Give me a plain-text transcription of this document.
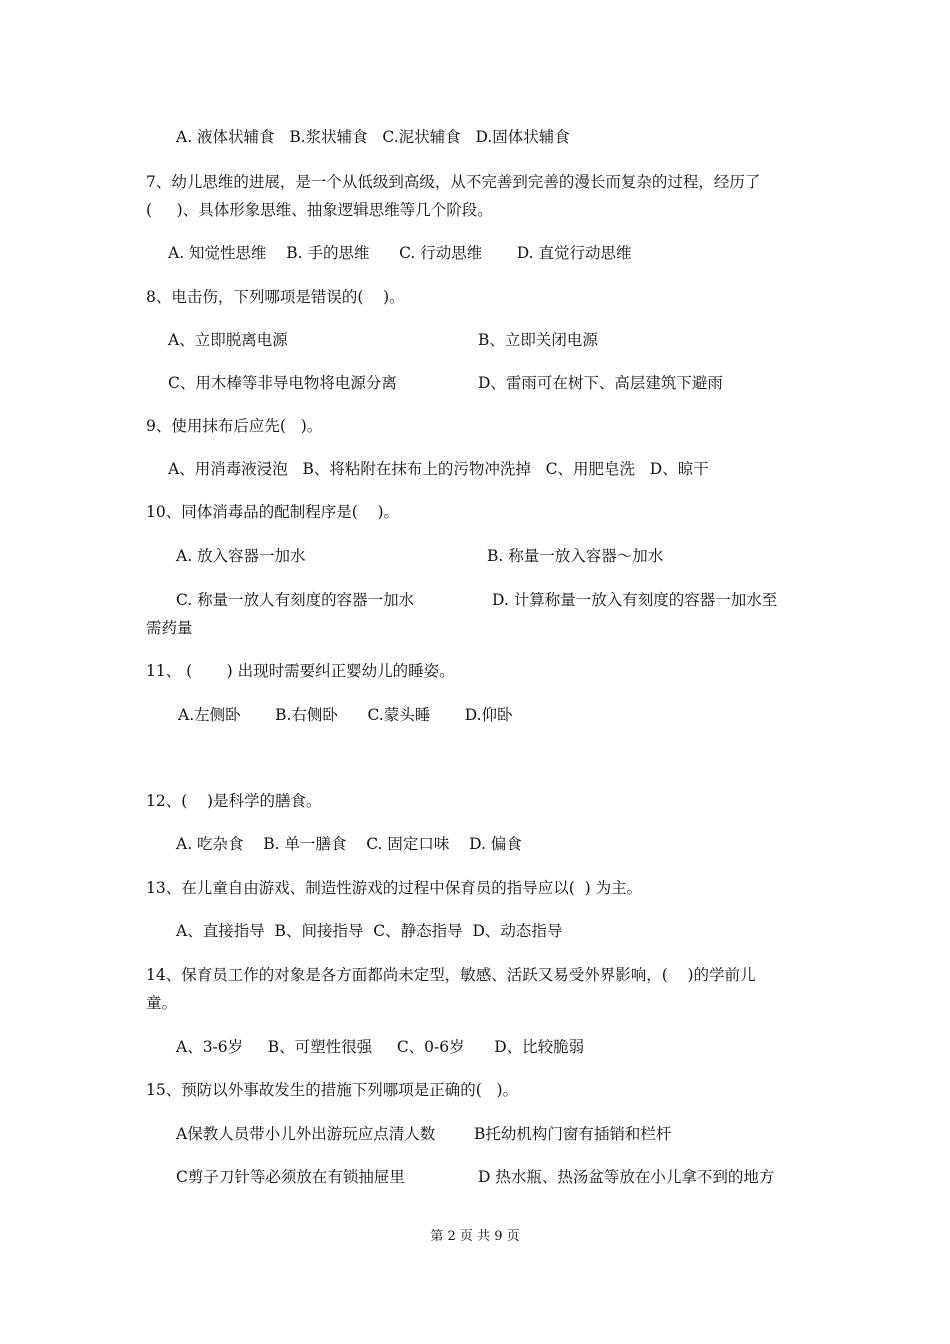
A. 液体状辅食   B.浆状辅食   C.泥状辅食   D.固体状辅食
7、幼儿思维的进展，是一个从低级到高级，从不完善到完善的漫长而复杂的过程，经历了
(     )、具体形象思维、抽象逻辑思维等几个阶段。
A. 知觉性思维    B. 手的思维      C. 行动思维       D. 直觉行动思维
8、电击伤，下列哪项是错误的(    )。
A、立即脱离电源	B、立即关闭电源
C、用木棒等非导电物将电源分离	D、雷雨可在树下、高层建筑下避雨
9、使用抹布后应先(   )。
A、用消毒液浸泡   B、将粘附在抹布上的污物冲洗掉   C、用肥皂洗   D、晾干
10、同体消毒品的配制程序是(    )。
A. 放入容器一加水	B. 称量一放入容器～加水
C. 称量一放人有刻度的容器一加水	D. 计算称量一放入有刻度的容器一加水至
需药量
11、 (       ) 出现时需要纠正婴幼儿的睡姿。
A.左侧卧       B.右侧卧      C.蒙头睡       D.仰卧
12、(    )是科学的膳食。
A. 吃杂食    B. 单一膳食    C. 固定口味    D. 偏食
13、在儿童自由游戏、制造性游戏的过程中保育员的指导应以(  ) 为主。
A、直接指导  B、间接指导  C、静态指导  D、动态指导
14、保育员工作的对象是各方面都尚未定型，敏感、活跃又易受外界影响，(    )的学前儿
童。
A、3-6岁     B、可塑性很强     C、0-6岁      D、比较脆弱
15、预防以外事故发生的措施下列哪项是正确的(   )。
A保教人员带小儿外出游玩应点清人数	B托幼机构门窗有插销和栏杆
C剪子刀针等必须放在有锁抽屉里	D 热水瓶、热汤盆等放在小儿拿不到的地方
第 2 页 共 9 页
